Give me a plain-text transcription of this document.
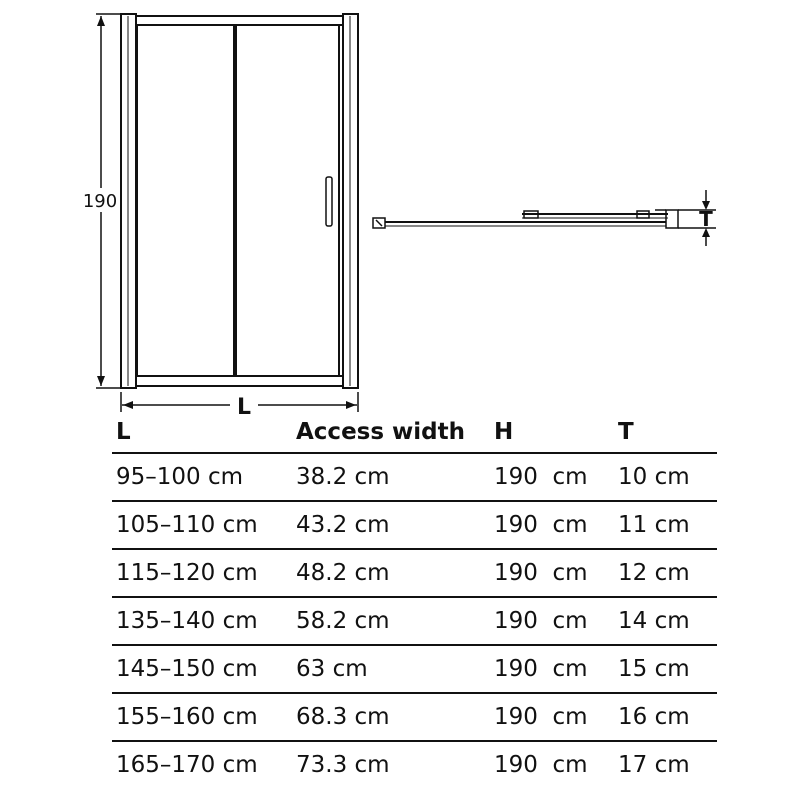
190
L
T
L	Access width	H	T
95–100 cm	38.2 cm	190  cm	10 cm
105–110 cm	43.2 cm	190  cm	11 cm
115–120 cm	48.2 cm	190  cm	12 cm
135–140 cm	58.2 cm	190  cm	14 cm
145–150 cm	63 cm	190  cm	15 cm
155–160 cm	68.3 cm	190  cm	16 cm
165–170 cm	73.3 cm	190  cm	17 cm
